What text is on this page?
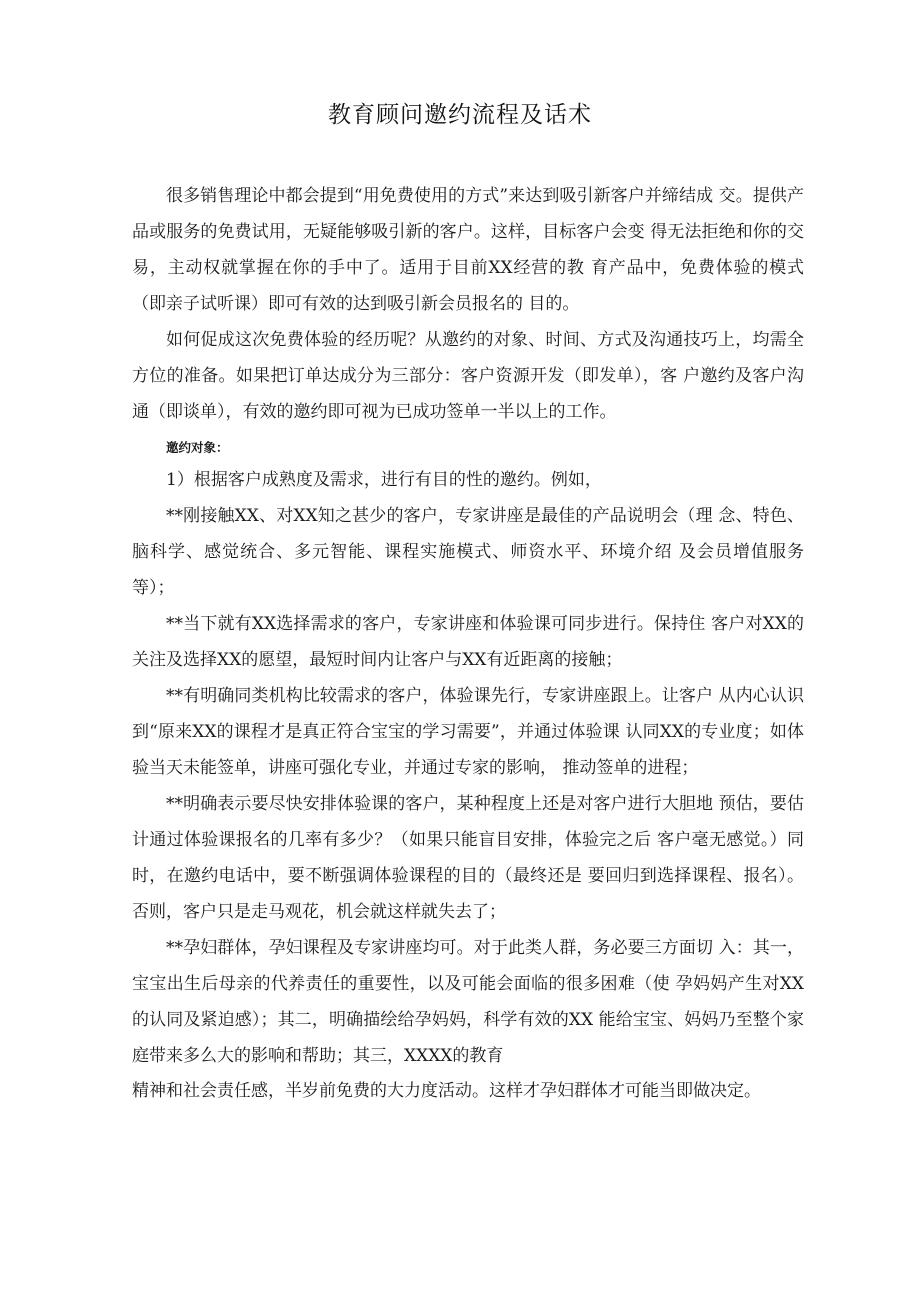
教育顾问邀约流程及话术

很多销售理论中都会提到“用免费使用的方式”来达到吸引新客户并缔结成 交。提供产品或服务的免费试用，无疑能够吸引新的客户。这样，目标客户会变 得无法拒绝和你的交易，主动权就掌握在你的手中了。适用于目前XX经营的教 育产品中，免费体验的模式（即亲子试听课）即可有效的达到吸引新会员报名的 目的。

如何促成这次免费体验的经历呢？从邀约的对象、时间、方式及沟通技巧上，均需全方位的准备。如果把订单达成分为三部分：客户资源开发（即发单），客 户邀约及客户沟通（即谈单），有效的邀约即可视为已成功签单一半以上的工作。

邀约对象：

1）根据客户成熟度及需求，进行有目的性的邀约。例如，

**刚接触XX、对XX知之甚少的客户，专家讲座是最佳的产品说明会（理 念、特色、脑科学、感觉统合、多元智能、课程实施模式、师资水平、环境介绍 及会员增值服务等）；

**当下就有XX选择需求的客户，专家讲座和体验课可同步进行。保持住 客户对XX的关注及选择XX的愿望，最短时间内让客户与XX有近距离的接触；

**有明确同类机构比较需求的客户，体验课先行，专家讲座跟上。让客户 从内心认识到“原来XX的课程才是真正符合宝宝的学习需要”，并通过体验课 认同XX的专业度；如体验当天未能签单，讲座可强化专业，并通过专家的影响， 推动签单的进程；

**明确表示要尽快安排体验课的客户，某种程度上还是对客户进行大胆地 预估，要估计通过体验课报名的几率有多少？（如果只能盲目安排，体验完之后 客户毫无感觉。）同时，在邀约电话中，要不断强调体验课程的目的（最终还是 要回归到选择课程、报名）。否则，客户只是走马观花，机会就这样就失去了；

**孕妇群体，孕妇课程及专家讲座均可。对于此类人群，务必要三方面切 入：其一，宝宝出生后母亲的代养责任的重要性，以及可能会面临的很多困难（使 孕妈妈产生对XX的认同及紧迫感）；其二，明确描绘给孕妈妈，科学有效的XX 能给宝宝、妈妈乃至整个家庭带来多么大的影响和帮助；其三，XXXX的教育

精神和社会责任感，半岁前免费的大力度活动。这样才孕妇群体才可能当即做决定。
